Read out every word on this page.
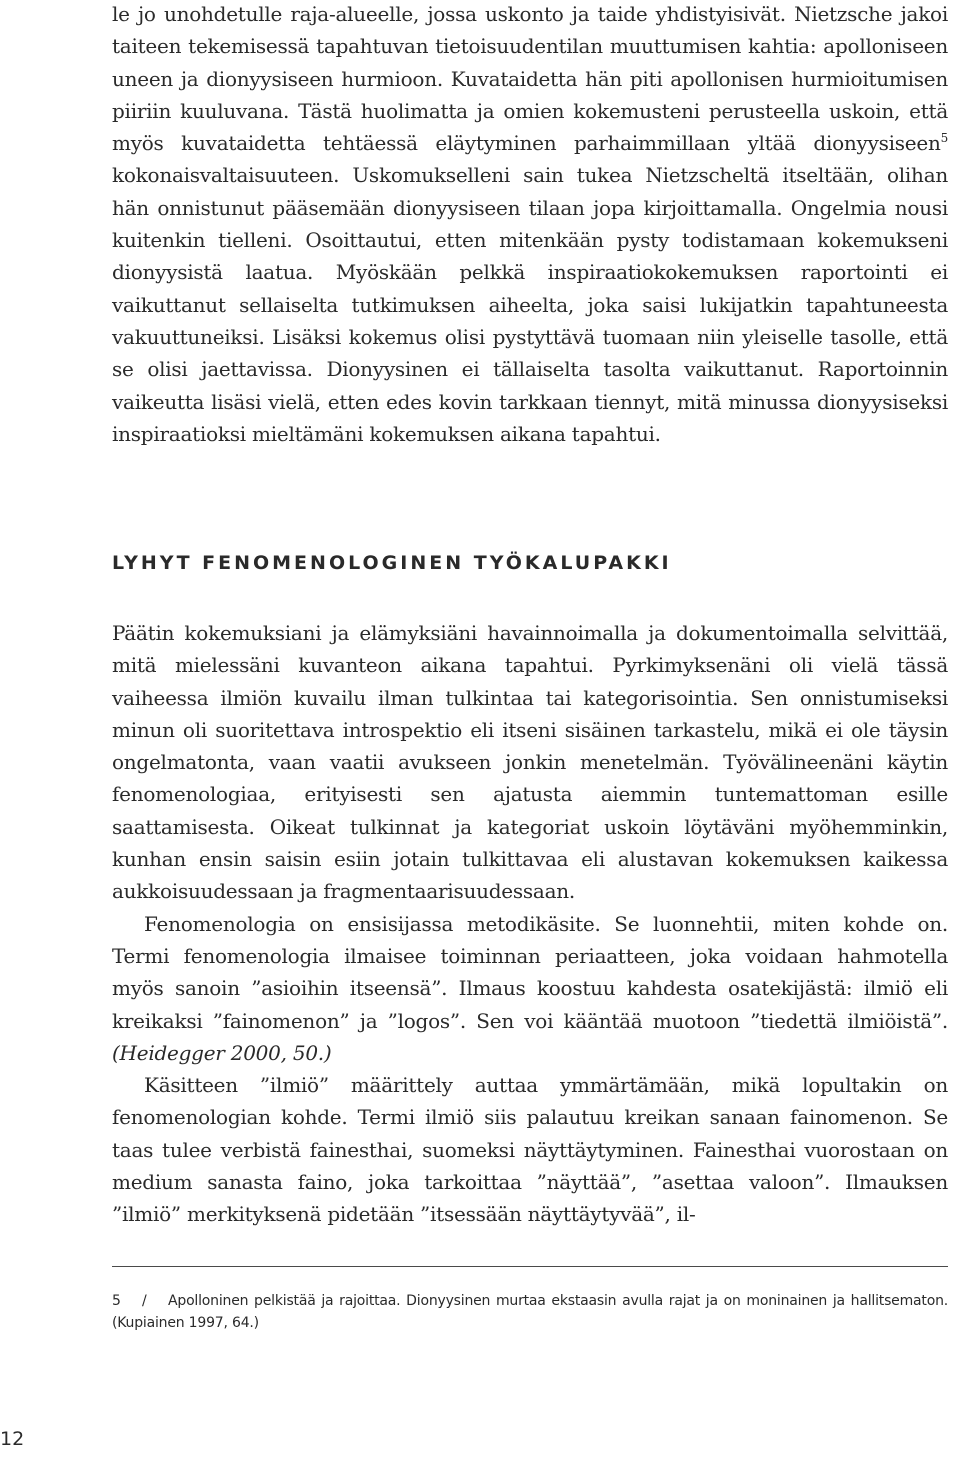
le jo unohdetulle raja-alueelle, jossa uskonto ja taide yhdistyisivät. Nietzsche jakoi taiteen tekemisessä tapahtuvan tietoisuudentilan muuttumisen kahtia: apolloniseen uneen ja dionyysiseen hurmioon. Kuvataidetta hän piti apollonisen hurmioitumisen piiriin kuuluvana. Tästä huolimatta ja omien kokemusteni perusteella uskoin, että myös kuvataidetta tehtäessä eläytyminen parhaimmillaan yltää dionyysiseen$^5$ kokonaisvaltaisuuteen. Uskomukselleni sain tukea Nietzscheltä itseltään, olihan hän onnistunut pääsemään dionyysiseen tilaan jopa kirjoittamalla. Ongelmia nousi kuitenkin tielleni. Osoittautui, etten mitenkään pysty todistamaan kokemukseni dionyysistä laatua. Myöskään pelkkä inspiraatiokokemuksen raportointi ei vaikuttanut sellaiselta tutkimuksen aiheelta, joka saisi lukijatkin tapahtuneesta vakuuttuneiksi. Lisäksi kokemus olisi pystyttävä tuomaan niin yleiselle tasolle, että se olisi jaettavissa. Dionyysinen ei tällaiselta tasolta vaikuttanut. Raportoinnin vaikeutta lisäsi vielä, etten edes kovin tarkkaan tiennyt, mitä minussa dionyysiseksi inspiraatioksi mieltämäni kokemuksen aikana tapahtui.

LYHYT FENOMENOLOGINEN TYÖKALUPAKKI

Päätin kokemuksiani ja elämyksiäni havainnoimalla ja dokumentoimalla selvittää, mitä mielessäni kuvanteon aikana tapahtui. Pyrkimyksenäni oli vielä tässä vaiheessa ilmiön kuvailu ilman tulkintaa tai kategorisointia. Sen onnistumiseksi minun oli suoritettava introspektio eli itseni sisäinen tarkastelu, mikä ei ole täysin ongelmatonta, vaan vaatii avukseen jonkin menetelmän. Työvälineenäni käytin fenomenologiaa, erityisesti sen ajatusta aiemmin tuntemattoman esille saattamisesta. Oikeat tulkinnat ja kategoriat uskoin löytäväni myöhemminkin, kunhan ensin saisin esiin jotain tulkittavaa eli alustavan kokemuksen kaikessa aukkoisuudessaan ja fragmentaarisuudessaan.

Fenomenologia on ensisijassa metodikäsite. Se luonnehtii, miten kohde on. Termi fenomenologia ilmaisee toiminnan periaatteen, joka voidaan hahmotella myös sanoin ”asioihin itseensä”. Ilmaus koostuu kahdesta osatekijästä: ilmiö eli kreikaksi ”fainomenon” ja ”logos”. Sen voi kääntää muotoon ”tiedettä ilmiöistä”. (Heidegger 2000, 50.)

Käsitteen ”ilmiö” määrittely auttaa ymmärtämään, mikä lopultakin on fenomenologian kohde. Termi ilmiö siis palautuu kreikan sanaan fainomenon. Se taas tulee verbistä fainesthai, suomeksi näyttäytyminen. Fainesthai vuorostaan on medium sanasta faino, joka tarkoittaa ”näyttää”, ”asettaa valoon”. Ilmauksen ”ilmiö” merkityksenä pidetään ”itsessään näyttäytyvää”, il-

5 / Apolloninen pelkistää ja rajoittaa. Dionyysinen murtaa ekstaasin avulla rajat ja on moninainen ja hallitsematon. (Kupiainen 1997, 64.)
12
